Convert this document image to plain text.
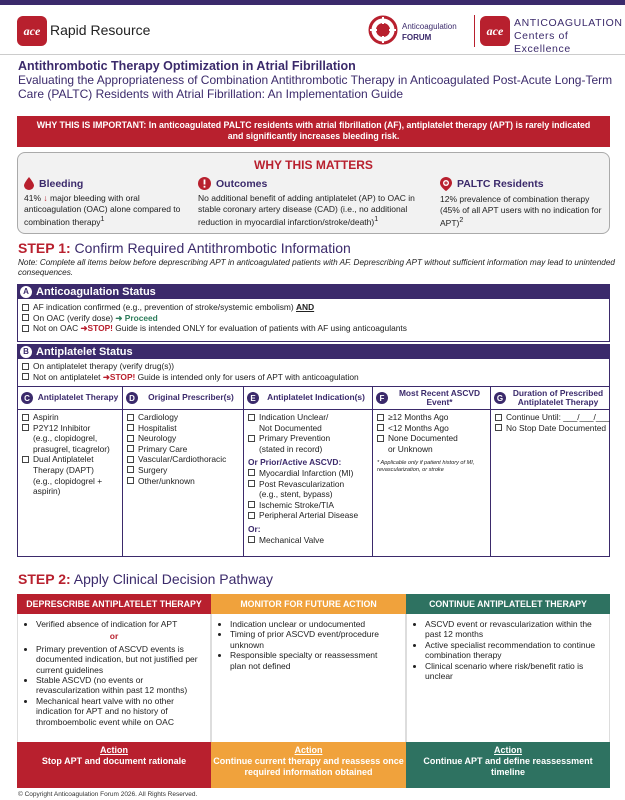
ace Rapid Resource	Anticoagulation
FORUM	ace
ANTICOAGULATION
Centers of Excellence
Antithrombotic Therapy Optimization in Atrial Fibrillation
Evaluating the Appropriateness of Combination Antithrombotic Therapy in Anticoagulated Post-Acute Long-Term Care (PALTC) Residents with Atrial Fibrillation: An Implementation Guide
WHY THIS IS IMPORTANT: In anticoagulated PALTC residents with atrial fibrillation (AF), antiplatelet therapy (APT) is rarely indicated and significantly increases bleeding risk.
WHY THIS MATTERS
Bleeding
41% ↓ major bleeding with oral anticoagulation (OAC) alone compared to combination therapy$^1$
Outcomes
No additional benefit of adding antiplatelet (AP) to OAC in stable coronary artery disease (CAD) (i.e., no additional reduction in myocardial infarction/stroke/death)$^1$
PALTC Residents
12% prevalence of combination therapy (45% of all APT users with no indication for APT)$^2$
STEP 1: Confirm Required Antithrombotic Information
Note: Complete all items below before deprescribing APT in anticoagulated patients with AF. Deprescribing APT without sufficient information may lead to unintended consequences.
A Anticoagulation Status
AF indication confirmed (e.g., prevention of stroke/systemic embolism) AND
On OAC (verify dose) ➜ Proceed
Not on OAC ➜STOP! Guide is intended ONLY for evaluation of patients with AF using anticoagulants
B Antiplatelet Status
On antiplatelet therapy (verify drug(s))
Not on antiplatelet ➜STOP! Guide is intended only for users of APT with anticoagulation
C Antiplatelet Therapy
Aspirin
P2Y12 Inhibitor
(e.g., clopidogrel,
prasugrel, ticagrelor)
Dual Antiplatelet
Therapy (DAPT)
(e.g., clopidogrel +
aspirin)
D	Original Prescriber(s)
Cardiology
Hospitalist
Neurology
Primary Care
Vascular/Cardiothoracic
Surgery
Other/unknown
E	Antiplatelet Indication(s)
Indication Unclear/
Not Documented
Primary Prevention
(stated in record)
Or Prior/Active ASCVD:
Myocardial Infarction (MI)
Post Revascularization
(e.g., stent, bypass)
Ischemic Stroke/TIA
Peripheral Arterial Disease
Or:
Mechanical Valve
F
Most Recent ASCVD Event*
≥12 Months Ago
<12 Months Ago
None Documented
or Unknown
* Applicable only if patient history of MI, revascularization, or stroke
G
Duration of Prescribed Antiplatelet Therapy
Continue Until: ___/___/___
No Stop Date Documented
STEP 2: Apply Clinical Decision Pathway
DEPRESCRIBE ANTIPLATELET THERAPY
• Verified absence of indication for APT
or
• Primary prevention of ASCVD events is documented indication, but not justified per current guidelines
• Stable ASCVD (no events or revascularization within past 12 months)
• Mechanical heart valve with no other indication for APT and no history of thromboembolic event while on OAC
Action
Stop APT and document rationale
MONITOR FOR FUTURE ACTION
• Indication unclear or undocumented
• Timing of prior ASCVD event/procedure unknown
• Responsible specialty or reassessment plan not defined
Action
Continue current therapy and reassess once required information obtained
CONTINUE ANTIPLATELET THERAPY
• ASCVD event or revascularization within the past 12 months
• Active specialist recommendation to continue combination therapy
• Clinical scenario where risk/benefit ratio is unclear
Action
Continue APT and define reassessment timeline
© Copyright Anticoagulation Forum 2026. All Rights Reserved.
